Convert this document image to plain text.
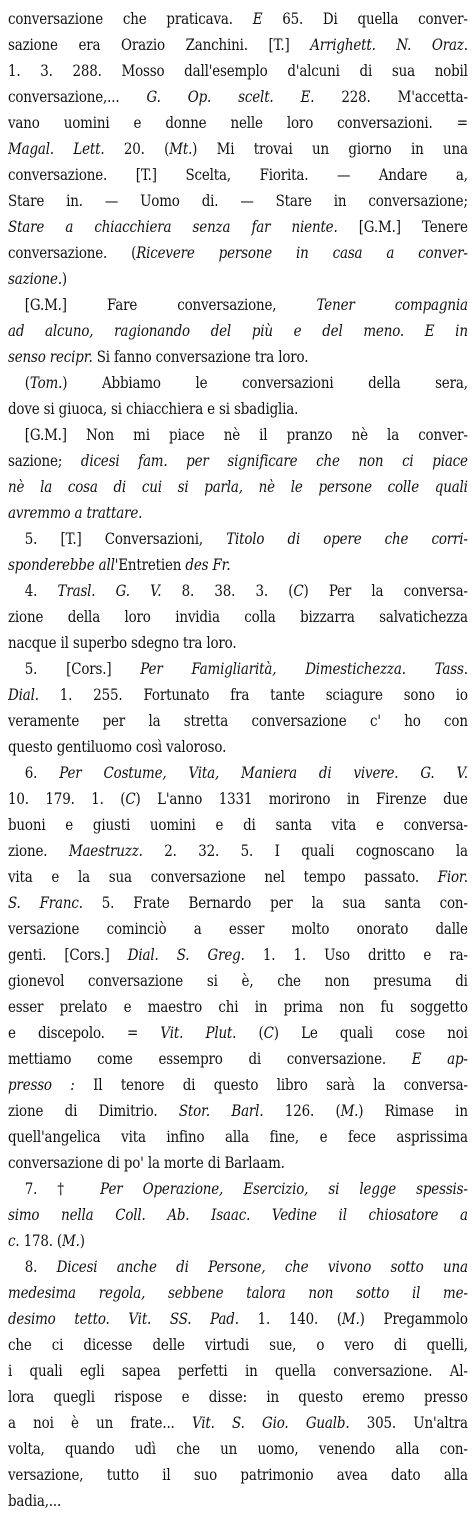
conversazione che praticava. E 65. Di quella conver-
sazione era Orazio Zanchini. [T.] Arrighett. N. Oraz.
1. 3. 288. Mosso dall'esemplo d'alcuni di sua nobil
conversazione,... G. Op. scelt. E. 228. M'accetta-
vano uomini e donne nelle loro conversazioni. =
Magal. Lett. 20. (Mt.) Mi trovai un giorno in una
conversazione. [T.] Scelta, Fiorita. — Andare a,
Stare in. — Uomo di. — Stare in conversazione;
Stare a chiacchiera senza far niente. [G.M.] Tenere
conversazione. (Ricevere persone in casa a conver-
sazione.)
[G.M.] Fare conversazione, Tener compagnia
ad alcuno, ragionando del più e del meno. E in
senso recipr. Si fanno conversazione tra loro.
(Tom.) Abbiamo le conversazioni della sera,
dove si giuoca, si chiacchiera e si sbadiglia.
[G.M.] Non mi piace nè il pranzo nè la conver-
sazione; dicesi fam. per significare che non ci piace
nè la cosa di cui si parla, nè le persone colle quali
avremmo a trattare.
5. [T.] Conversazioni, Titolo di opere che corri-
sponderebbe all'Entretien des Fr.
4. Trasl. G. V. 8. 38. 3. (C) Per la conversa-
zione della loro invidia colla bizzarra salvatichezza
nacque il superbo sdegno tra loro.
5. [Cors.] Per Famigliarità, Dimestichezza. Tass.
Dial. 1. 255. Fortunato fra tante sciagure sono io
veramente per la stretta conversazione c' ho con
questo gentiluomo così valoroso.
6. Per Costume, Vita, Maniera di vivere. G. V.
10. 179. 1. (C) L'anno 1331 morirono in Firenze due
buoni e giusti uomini e di santa vita e conversa-
zione. Maestruzz. 2. 32. 5. I quali cognoscano la
vita e la sua conversazione nel tempo passato. Fior.
S. Franc. 5. Frate Bernardo per la sua santa con-
versazione cominciò a esser molto onorato dalle
genti. [Cors.] Dial. S. Greg. 1. 1. Uso dritto e ra-
gionevol conversazione si è, che non presuma di
esser prelato e maestro chi in prima non fu soggetto
e discepolo. = Vit. Plut. (C) Le quali cose noi
mettiamo come essempro di conversazione. E ap-
presso : Il tenore di questo libro sarà la conversa-
zione di Dimitrio. Stor. Barl. 126. (M.) Rimase in
quell'angelica vita infino alla fine, e fece asprissima
conversazione di po' la morte di Barlaam.
7. † Per Operazione, Esercizio, si legge spessis-
simo nella Coll. Ab. Isaac. Vedine il chiosatore a
c. 178. (M.)
8. Dicesi anche di Persone, che vivono sotto una
medesima regola, sebbene talora non sotto il me-
desimo tetto. Vit. SS. Pad. 1. 140. (M.) Pregammolo
che ci dicesse delle virtudi sue, o vero di quelli,
i quali egli sapea perfetti in quella conversazione. Al-
lora quegli rispose e disse: in questo eremo presso
a noi è un frate... Vit. S. Gio. Gualb. 305. Un'altra
volta, quando udì che un uomo, venendo alla con-
versazione, tutto il suo patrimonio avea dato alla
badia,...
